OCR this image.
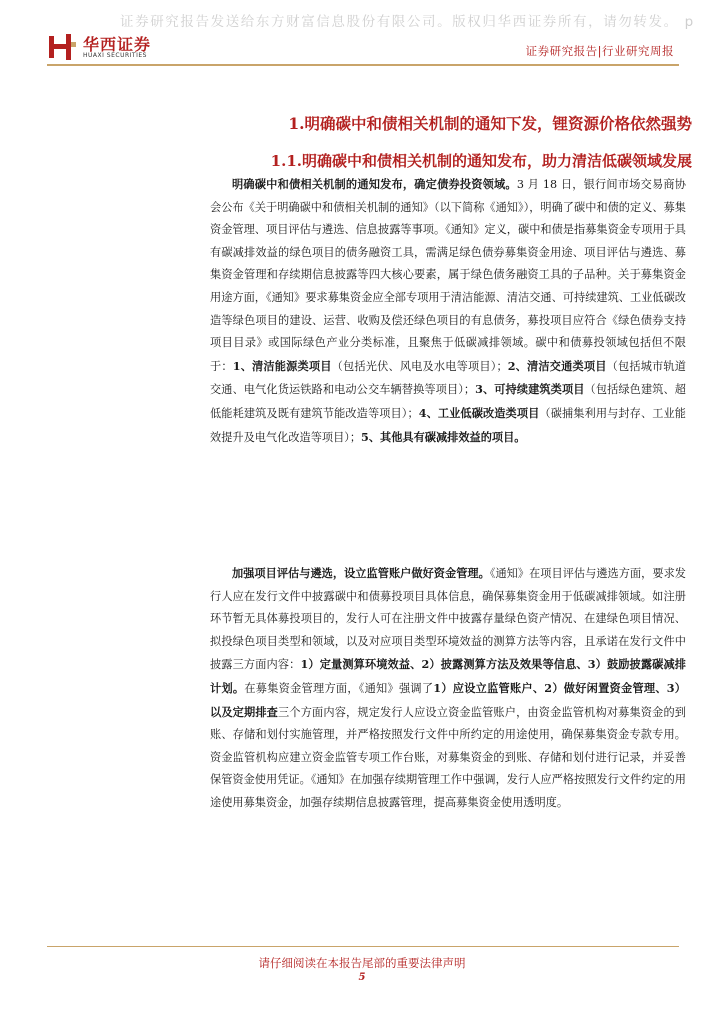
证券研究报告发送给东方财富信息股份有限公司。版权归华西证券所有，请勿转发。 p
华西证券
HUAXI SECURITIES	证券研究报告|行业研究周报
1.明确碳中和债相关机制的通知下发，锂资源价格依然强势
1.1.明确碳中和债相关机制的通知发布，助力清洁低碳领域发展
明确碳中和债相关机制的通知发布，确定债券投资领域。3 月 18 日，银行间市场交易商协会公布《关于明确碳中和债相关机制的通知》（以下简称《通知》），明确了碳中和债的定义、募集资金管理、项目评估与遴选、信息披露等事项。《通知》定义，碳中和债是指募集资金专项用于具有碳减排效益的绿色项目的债务融资工具，需满足绿色债券募集资金用途、项目评估与遴选、募集资金管理和存续期信息披露等四大核心要素，属于绿色债务融资工具的子品种。关于募集资金用途方面，《通知》要求募集资金应全部专项用于清洁能源、清洁交通、可持续建筑、工业低碳改造等绿色项目的建设、运营、收购及偿还绿色项目的有息债务，募投项目应符合《绿色债券支持项目目录》或国际绿色产业分类标准，且聚焦于低碳减排领域。碳中和债募投领域包括但不限于：1、清洁能源类项目（包括光伏、风电及水电等项目）；2、清洁交通类项目（包括城市轨道交通、电气化货运铁路和电动公交车辆替换等项目）；3、可持续建筑类项目（包括绿色建筑、超低能耗建筑及既有建筑节能改造等项目）；4、工业低碳改造类项目（碳捕集利用与封存、工业能效提升及电气化改造等项目）；5、其他具有碳减排效益的项目。
加强项目评估与遴选，设立监管账户做好资金管理。《通知》在项目评估与遴选方面，要求发行人应在发行文件中披露碳中和债募投项目具体信息，确保募集资金用于低碳减排领域。如注册环节暂无具体募投项目的，发行人可在注册文件中披露存量绿色资产情况、在建绿色项目情况、拟投绿色项目类型和领域，以及对应项目类型环境效益的测算方法等内容，且承诺在发行文件中披露三方面内容：1）定量测算环境效益、2）披露测算方法及效果等信息、3）鼓励披露碳减排计划。在募集资金管理方面，《通知》强调了1）应设立监管账户、2）做好闲置资金管理、3）以及定期排查三个方面内容，规定发行人应设立资金监管账户，由资金监管机构对募集资金的到账、存储和划付实施管理，并严格按照发行文件中所约定的用途使用，确保募集资金专款专用。资金监管机构应建立资金监管专项工作台账，对募集资金的到账、存储和划付进行记录，并妥善保管资金使用凭证。《通知》在加强存续期管理工作中强调，发行人应严格按照发行文件约定的用途使用募集资金，加强存续期信息披露管理，提高募集资金使用透明度。
请仔细阅读在本报告尾部的重要法律声明
5
